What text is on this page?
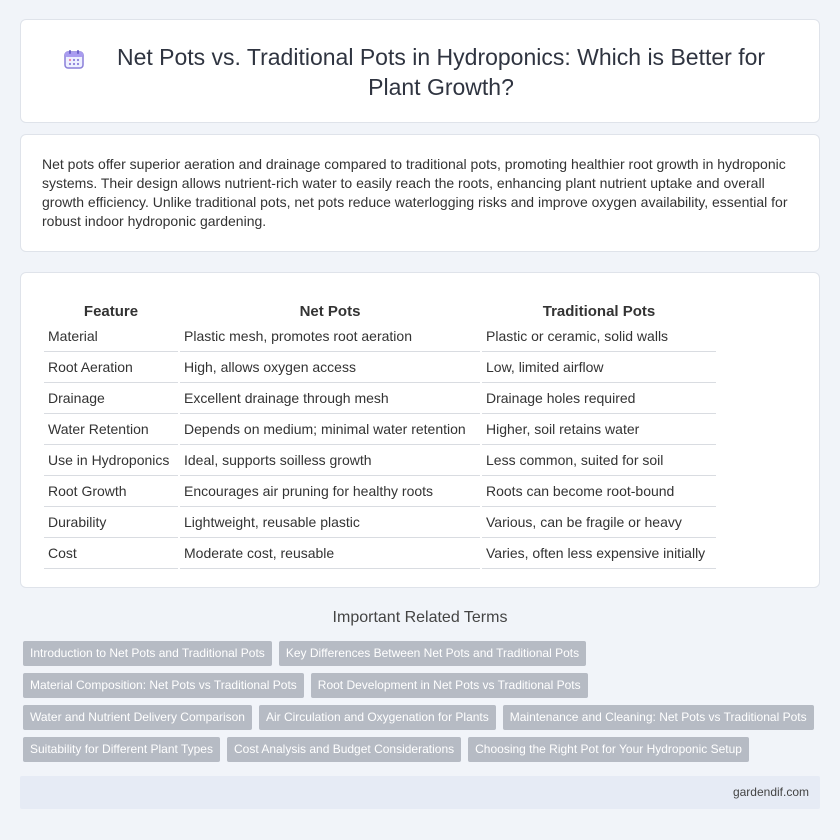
Net Pots vs. Traditional Pots in Hydroponics: Which is Better for Plant Growth?

Net pots offer superior aeration and drainage compared to traditional pots, promoting healthier root growth in hydroponic systems. Their design allows nutrient-rich water to easily reach the roots, enhancing plant nutrient uptake and overall growth efficiency. Unlike traditional pots, net pots reduce waterlogging risks and improve oxygen availability, essential for robust indoor hydroponic gardening.

Feature	Net Pots	Traditional Pots
Material	Plastic mesh, promotes root aeration	Plastic or ceramic, solid walls
Root Aeration	High, allows oxygen access	Low, limited airflow
Drainage	Excellent drainage through mesh	Drainage holes required
Water Retention	Depends on medium; minimal water retention	Higher, soil retains water
Use in Hydroponics	Ideal, supports soilless growth	Less common, suited for soil
Root Growth	Encourages air pruning for healthy roots	Roots can become root-bound
Durability	Lightweight, reusable plastic	Various, can be fragile or heavy
Cost	Moderate cost, reusable	Varies, often less expensive initially
Important Related Terms
Introduction to Net Pots and Traditional Pots	Key Differences Between Net Pots and Traditional Pots
Material Composition: Net Pots vs Traditional Pots	Root Development in Net Pots vs Traditional Pots
Water and Nutrient Delivery Comparison	Air Circulation and Oxygenation for Plants	Maintenance and Cleaning: Net Pots vs Traditional Pots
Suitability for Different Plant Types	Cost Analysis and Budget Considerations	Choosing the Right Pot for Your Hydroponic Setup
gardendif.com
